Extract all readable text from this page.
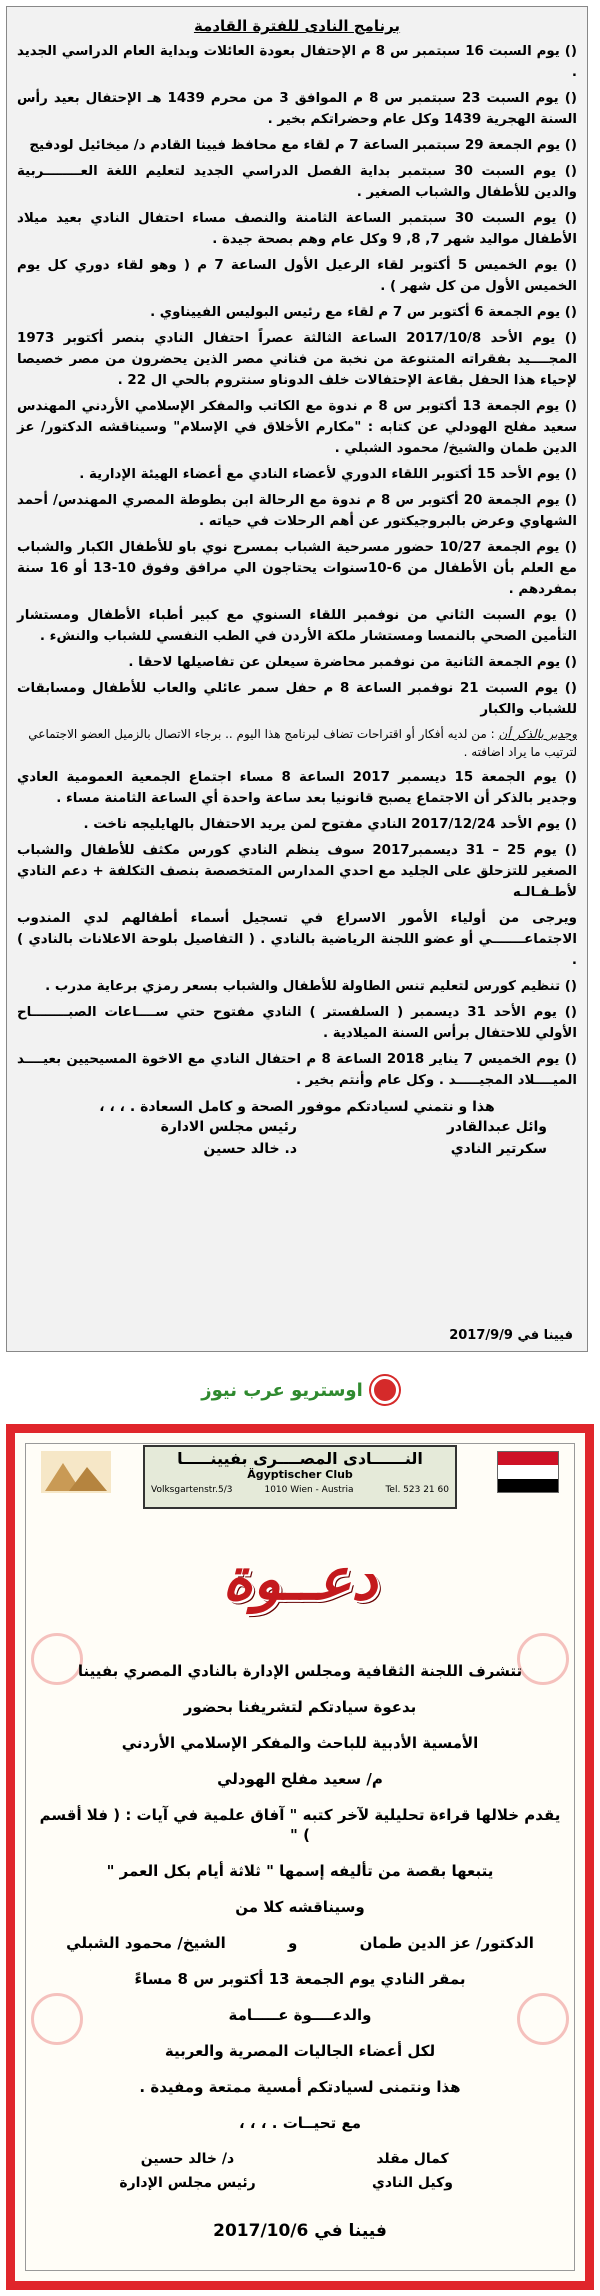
برنامج النادى للفترة القادمة

() يوم السبت 16 سبتمبر س 8 م الإحتفال بعودة العائلات وبداية العام الدراسي الجديد .

() يوم السبت 23 سبتمبر س 8 م الموافق 3 من محرم 1439 هـ الإحتفال بعيد رأس السنة الهجرية 1439 وكل عام وحضراتكم بخير .

() يوم الجمعة 29 سبتمبر الساعة 7 م لقاء مع محافظ فيينا القادم د/ ميخائيل لودفيج

() يوم السبت 30 سبتمبر بداية الفصل الدراسي الجديد لتعليم اللغة العــــــــربية والدين للأطفال والشباب الصغير .

() يوم السبت 30 سبتمبر الساعة الثامنة والنصف مساء احتفال النادي بعيد ميلاد الأطفال مواليد شهر 7, 8, 9 وكل عام وهم بصحة جيدة .

() يوم الخميس 5 أكتوبر لقاء الرعيل الأول الساعة 7 م ( وهو لقاء دوري كل يوم الخميس الأول من كل شهر ) .

() يوم الجمعة 6 أكتوبر س 7 م لقاء مع رئيس البوليس الفييناوي .

() يوم الأحد 2017/10/8 الساعة الثالثة عصراً احتفال النادي بنصر أكتوبر 1973 المجــــيد بفقراته المتنوعة من نخبة من فناني مصر الذين يحضرون من مصر خصيصا لإحياء هذا الحفل بقاعة الإحتفالات خلف الدوناو سنتروم بالحي ال 22 .

() يوم الجمعة 13 أكتوبر س 8 م ندوة مع الكاتب والمفكر الإسلامي الأردني المهندس سعيد مفلح الهودلي عن كتابه : "مكارم الأخلاق في الإسلام" وسيناقشه الدكتور/ عز الدين طمان والشيخ/ محمود الشبلي .

() يوم الأحد 15 أكتوبر اللقاء الدوري لأعضاء النادي مع أعضاء الهيئة الإدارية .

() يوم الجمعة 20 أكتوبر س 8 م ندوة مع الرحالة ابن بطوطة المصري المهندس/ أحمد الشهاوي وعرض بالبروجيكتور عن أهم الرحلات في حياته .

() يوم الجمعة 10/27 حضور مسرحية الشباب بمسرح نوي باو للأطفال الكبار والشباب مع العلم بأن الأطفال من 6-10سنوات يحتاجون الي مرافق وفوق 10-13 أو 16 سنة بمفردهم .

() يوم السبت الثاني من نوفمبر اللقاء السنوي مع كبير أطباء الأطفال ومستشار التأمين الصحي بالنمسا ومستشار ملكة الأردن في الطب النفسي للشباب والنشء .

() يوم الجمعة الثانية من نوفمبر محاضرة سيعلن عن تفاصيلها لاحقا .

() يوم السبت 21 نوفمبر الساعة 8 م حفل سمر عائلي والعاب للأطفال ومسابقات للشباب والكبار

وجدير بالذكر أن : من لديه أفكار أو اقتراحات تضاف لبرنامج هذا اليوم .. برجاء الاتصال بالزميل العضو الاجتماعي لترتيب ما يراد اضافته .

() يوم الجمعة 15 ديسمبر 2017 الساعة 8 مساء اجتماع الجمعية العمومية العادي وجدير بالذكر أن الاجتماع يصبح قانونيا بعد ساعة واحدة أي الساعة الثامنة مساء .

() يوم الأحد 2017/12/24 النادي مفتوح لمن يريد الاحتفال بالهايليجه ناخت .

() يوم 25 – 31 ديسمبر2017 سوف ينظم النادي كورس مكثف للأطفال والشباب الصغير للتزحلق على الجليد مع احدي المدارس المتخصصة بنصف التكلفة + دعم النادي لأطـفـالـه

ويرجى من أولياء الأمور الاسراع في تسجيل أسماء أطفالهم لدي المندوب الاجتماعـــــــي أو عضو اللجنة الرياضية بالنادي . ( التفاصيل بلوحة الاعلانات بالنادي ) .

() تنظيم كورس لتعليم تنس الطاولة للأطفال والشباب بسعر رمزي برعاية مدرب .

() يوم الأحد 31 ديسمبر ( السلفستر ) النادي مفتوح حتي ســــاعات الصبــــــــاح الأولي للاحتفال برأس السنة الميلادية .

() يوم الخميس 7 يناير 2018 الساعة 8 م احتفال النادي مع الاخوة المسيحيين بعيــــد الميــــلاد المجيـــــد . وكل عام وأنتم بخير .

هذا و نتمني لسيادتكم موفور الصحة و كامل السعادة . ، ، ،
وائل عبدالقادر
رئيس مجلس الادارة
سكرتير النادي
د. خالد حسين
فيينا في 2017/9/9
اوستريو عرب نيوز
النــــــادى المصــــرى بفيينـــــا
Ägyptischer Club
Volksgartenstr.5/3	1010 Wien - Austria	Tel. 523 21 60
دعــوة

تتشرف اللجنة الثقافية ومجلس الإدارة بالنادي المصري بفيينا

بدعوة سيادتكم لتشريفنا بحضور

الأمسية الأدبية للباحث والمفكر الإسلامي الأردني

م/ سعيد مفلح الهودلي

يقدم خلالها قراءة تحليلية لآخر كتبه " آفاق علمية في آيات : ( فلا أقسم ) "

يتبعها بقصة من تأليفه إسمها " ثلاثة أيام بكل العمر "

وسيناقشه كلا من

الدكتور/ عز الدين طمان
و
الشيخ/ محمود الشبلي

بمقر النادي يوم الجمعة 13 أكتوبر س 8 مساءً

والدعــــوة عـــــامة

لكل أعضاء الجاليات المصرية والعربية

هذا ونتمنى لسيادتكم أمسية ممتعة ومفيدة .

مع تحيــات . ، ، ،

كمال مقلد
د/ خالد حسين
وكيل النادي
رئيس مجلس الإدارة
فيينا في 2017/10/6
